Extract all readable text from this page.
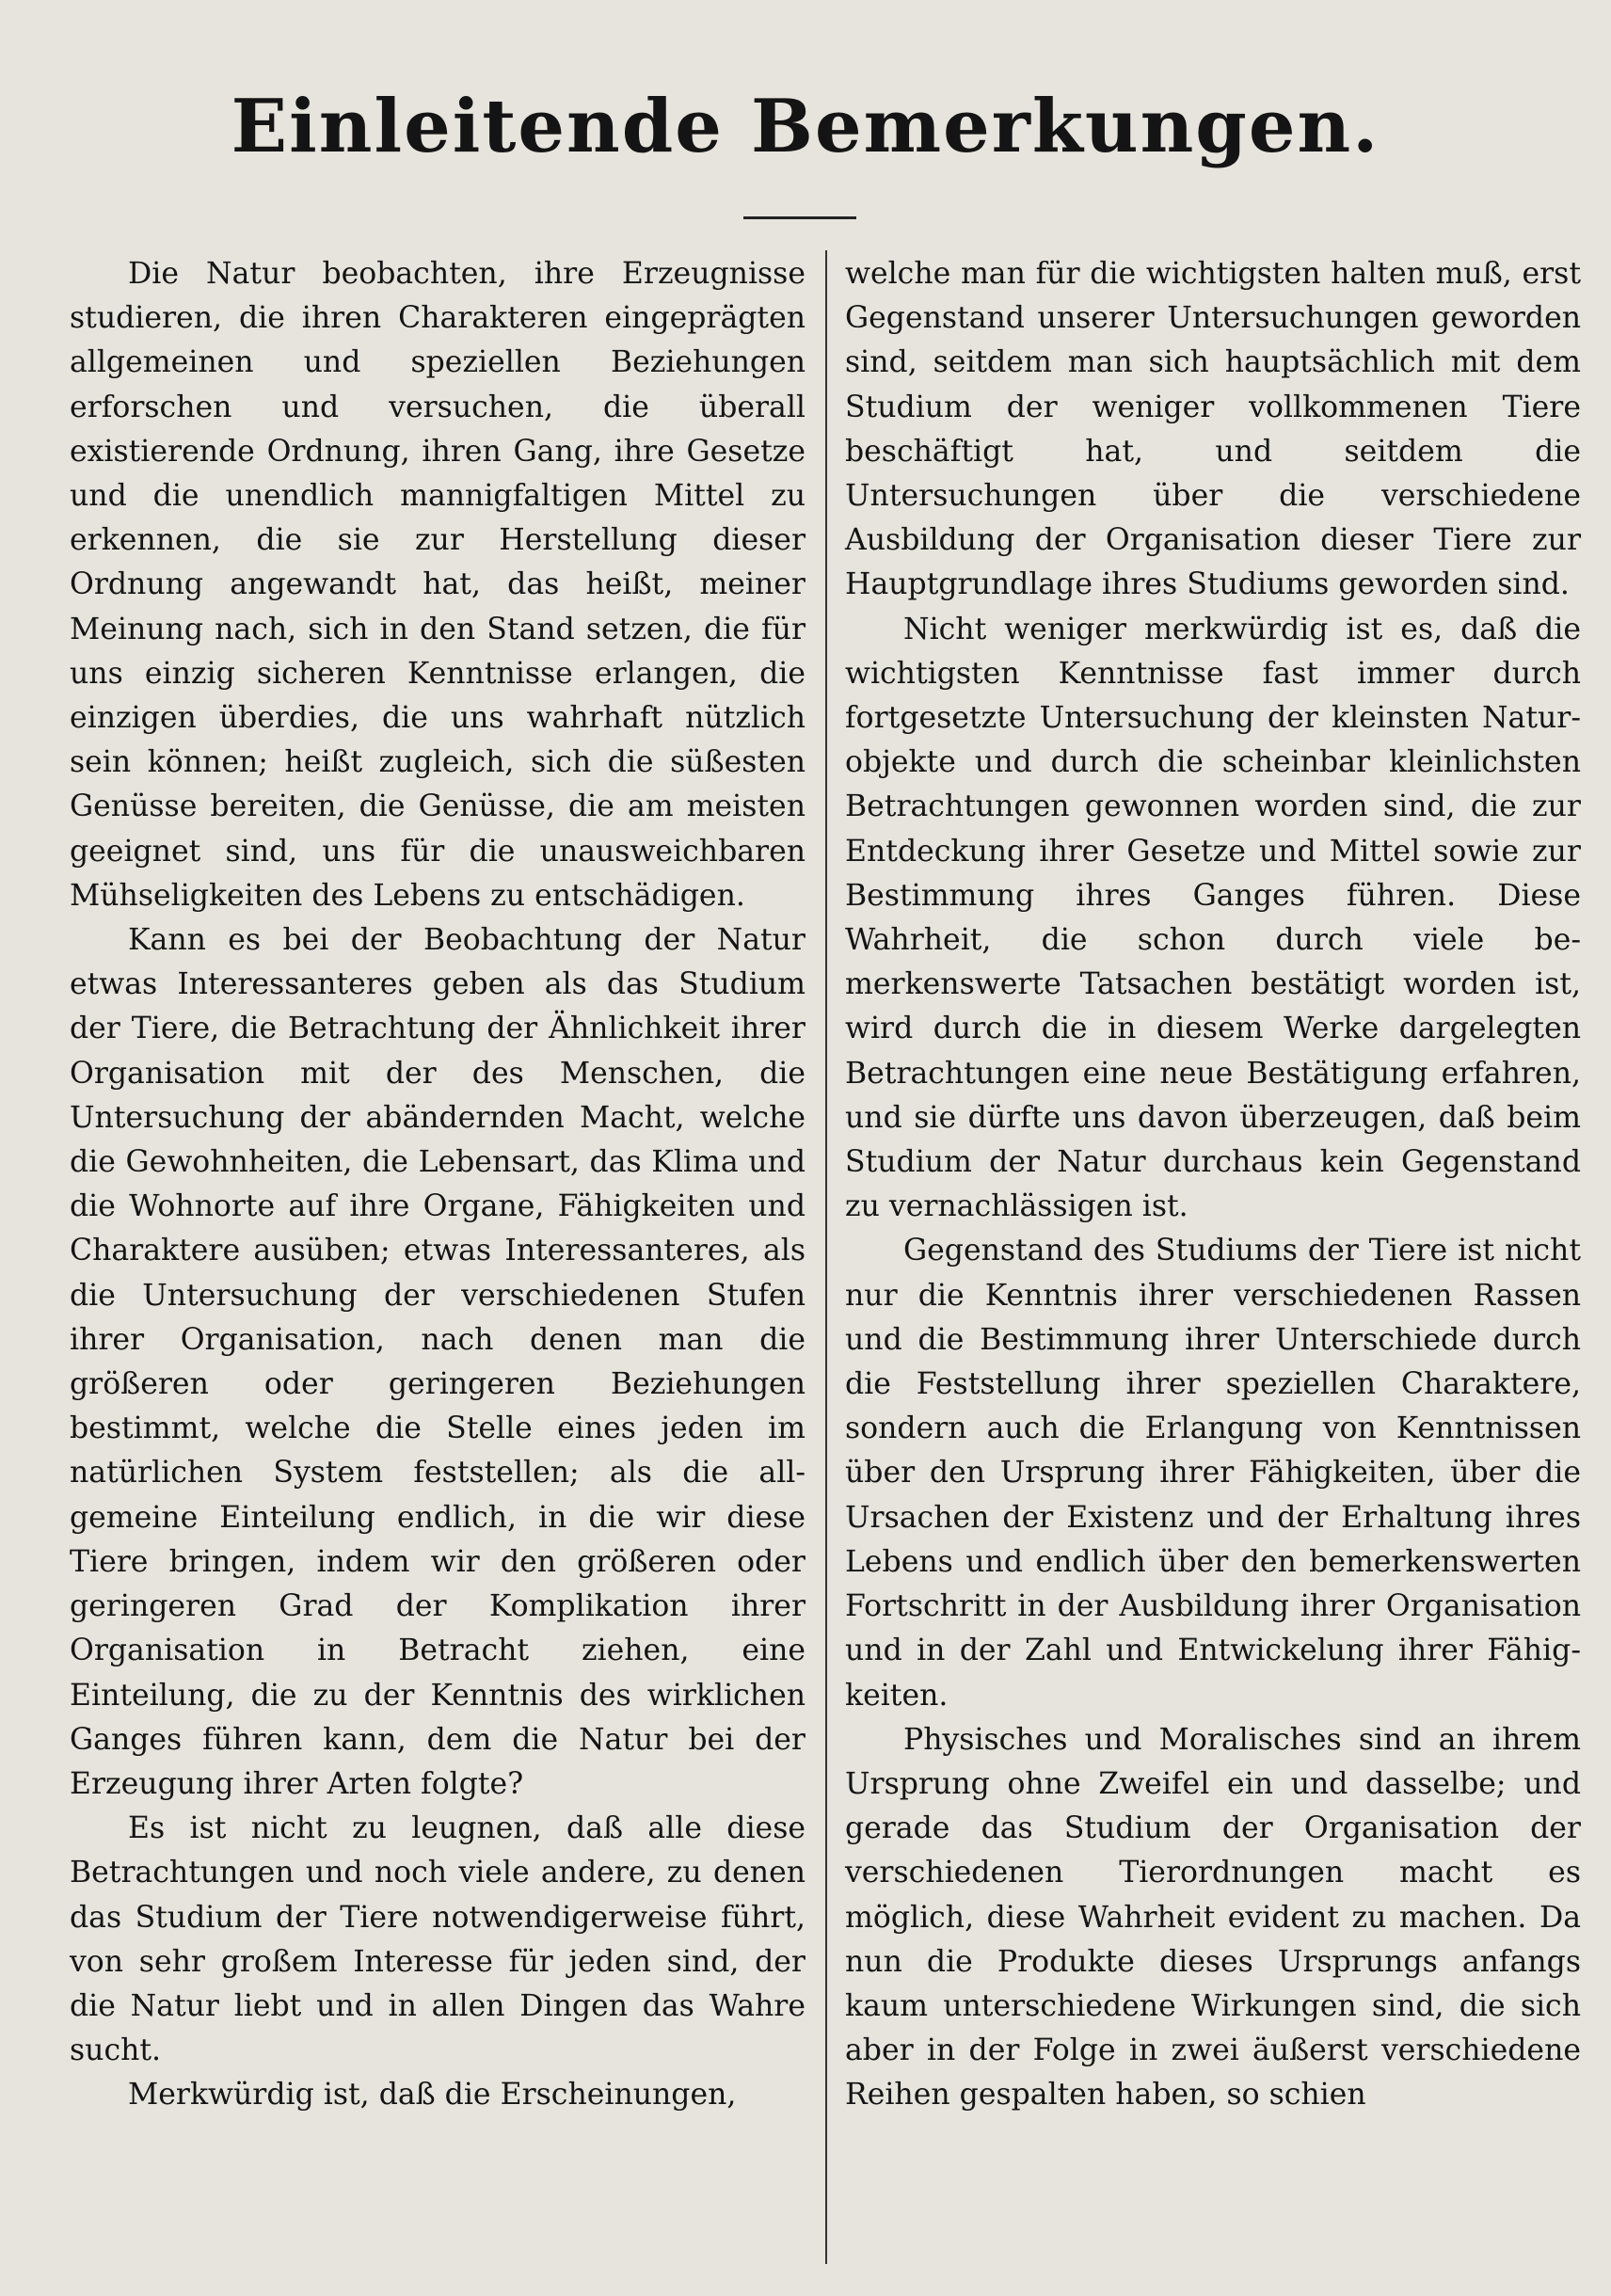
Einleitende Bemerkungen.

Die Natur beobachten, ihre Erzeugnisse studieren, die ihren Charakteren eingeprägten allgemeinen und speziellen Beziehungen erforschen und versuchen, die überall existierende Ordnung, ihren Gang, ihre Gesetze und die unendlich mannigfaltigen Mittel zu erkennen, die sie zur Herstellung dieser Ordnung angewandt hat, das heißt, meiner Meinung nach, sich in den Stand setzen, die für uns einzig sicheren Kenntnisse erlangen, die einzigen überdies, die uns wahrhaft nützlich sein können; heißt zugleich, sich die süßesten Genüsse bereiten, die Genüsse, die am meisten geeignet sind, uns für die unausweichbaren Mühseligkeiten des Lebens zu entschädigen.

Kann es bei der Beobachtung der Natur etwas Interessanteres geben als das Studium der Tiere, die Betrachtung der Ähnlichkeit ihrer Organisation mit der des Menschen, die Untersuchung der abändernden Macht, welche die Gewohnheiten, die Lebensart, das Klima und die Wohnorte auf ihre Organe, Fähigkeiten und Charaktere ausüben; etwas Interessanteres, als die Untersuchung der verschiedenen Stufen ihrer Organisation, nach denen man die größeren oder geringeren Beziehungen bestimmt, welche die Stelle eines jeden im natürlichen System feststellen; als die allgemeine Einteilung endlich, in die wir diese Tiere bringen, indem wir den größeren oder geringeren Grad der Komplikation ihrer Organisation in Betracht ziehen, eine Einteilung, die zu der Kenntnis des wirklichen Ganges führen kann, dem die Natur bei der Erzeugung ihrer Arten folgte?

Es ist nicht zu leugnen, daß alle diese Betrachtungen und noch viele andere, zu denen das Studium der Tiere notwendigerweise führt, von sehr großem Interesse für jeden sind, der die Natur liebt und in allen Dingen das Wahre sucht.

Merkwürdig ist, daß die Erscheinungen,

welche man für die wichtigsten halten muß, erst Gegenstand unserer Untersuchungen geworden sind, seitdem man sich hauptsächlich mit dem Studium der weniger vollkommenen Tiere beschäftigt hat, und seitdem die Untersuchungen über die verschiedene Ausbildung der Organisation dieser Tiere zur Hauptgrundlage ihres Studiums geworden sind.

Nicht weniger merkwürdig ist es, daß die wichtigsten Kenntnisse fast immer durch fortgesetzte Untersuchung der kleinsten Naturobjekte und durch die scheinbar kleinlichsten Betrachtungen gewonnen worden sind, die zur Entdeckung ihrer Gesetze und Mittel sowie zur Bestimmung ihres Ganges führen. Diese Wahrheit, die schon durch viele bemerkenswerte Tatsachen bestätigt worden ist, wird durch die in diesem Werke dargelegten Betrachtungen eine neue Bestätigung erfahren, und sie dürfte uns davon überzeugen, daß beim Studium der Natur durchaus kein Gegenstand zu vernachlässigen ist.

Gegenstand des Studiums der Tiere ist nicht nur die Kenntnis ihrer verschiedenen Rassen und die Bestimmung ihrer Unterschiede durch die Feststellung ihrer speziellen Charaktere, sondern auch die Erlangung von Kenntnissen über den Ursprung ihrer Fähigkeiten, über die Ursachen der Existenz und der Erhaltung ihres Lebens und endlich über den bemerkenswerten Fortschritt in der Ausbildung ihrer Organisation und in der Zahl und Entwickelung ihrer Fähigkeiten.

Physisches und Moralisches sind an ihrem Ursprung ohne Zweifel ein und dasselbe; und gerade das Studium der Organisation der verschiedenen Tierordnungen macht es möglich, diese Wahrheit evident zu machen. Da nun die Produkte dieses Ursprungs anfangs kaum unterschiedene Wirkungen sind, die sich aber in der Folge in zwei äußerst verschiedene Reihen gespalten haben, so schien
